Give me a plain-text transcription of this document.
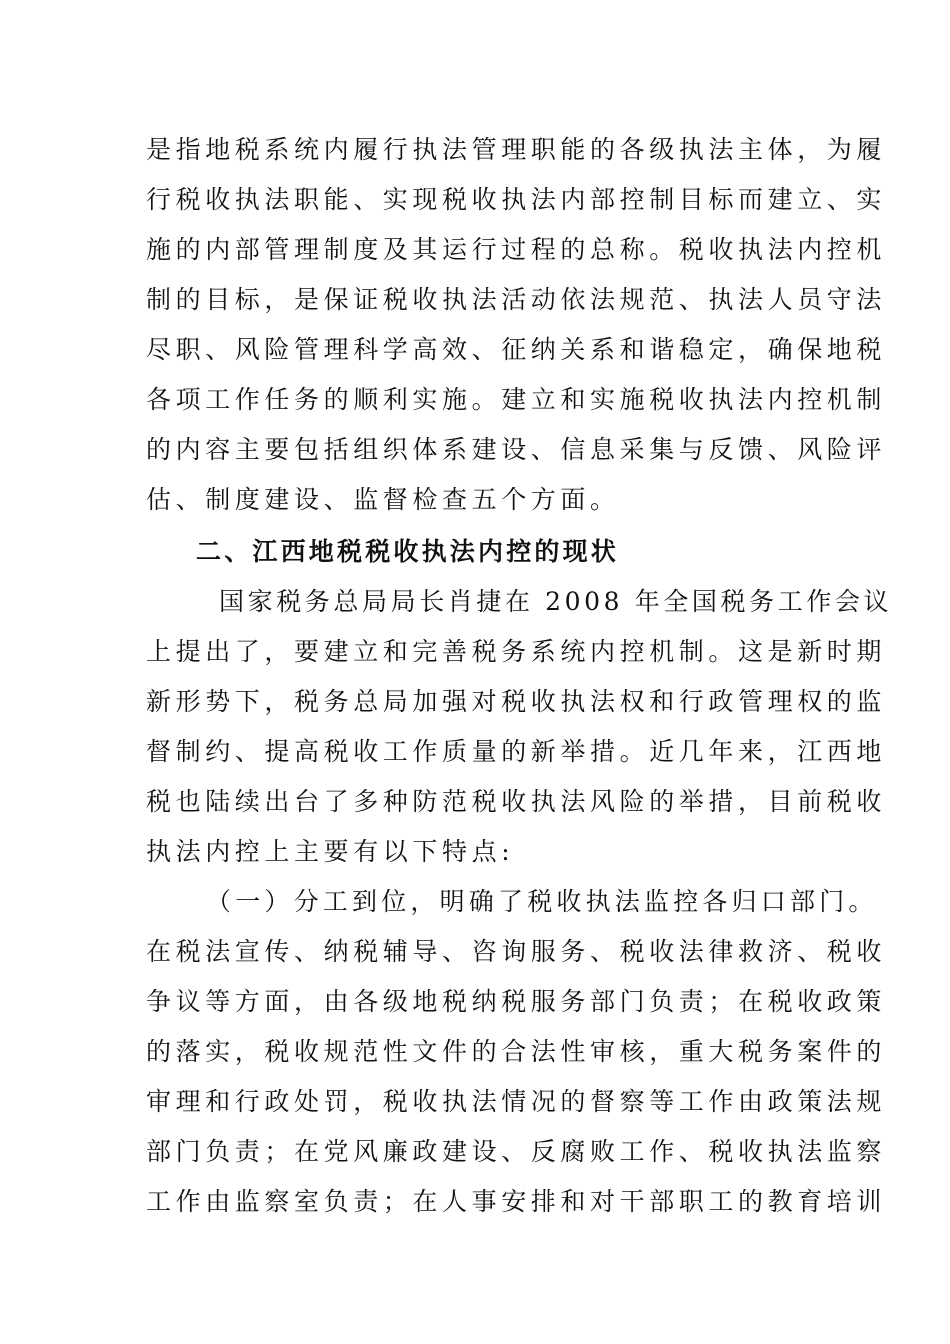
是指地税系统内履行执法管理职能的各级执法主体，为履
行税收执法职能、实现税收执法内部控制目标而建立、实
施的内部管理制度及其运行过程的总称。税收执法内控机
制的目标，是保证税收执法活动依法规范、执法人员守法
尽职、风险管理科学高效、征纳关系和谐稳定，确保地税
各项工作任务的顺利实施。建立和实施税收执法内控机制
的内容主要包括组织体系建设、信息采集与反馈、风险评
估、制度建设、监督检查五个方面。
二、江西地税税收执法内控的现状
国家税务总局局长肖捷在 2008 年全国税务工作会议
上提出了，要建立和完善税务系统内控机制。这是新时期
新形势下，税务总局加强对税收执法权和行政管理权的监
督制约、提高税收工作质量的新举措。近几年来，江西地
税也陆续出台了多种防范税收执法风险的举措，目前税收
执法内控上主要有以下特点:
（一）分工到位，明确了税收执法监控各归口部门。
在税法宣传、纳税辅导、咨询服务、税收法律救济、税收
争议等方面，由各级地税纳税服务部门负责；在税收政策
的落实，税收规范性文件的合法性审核，重大税务案件的
审理和行政处罚，税收执法情况的督察等工作由政策法规
部门负责；在党风廉政建设、反腐败工作、税收执法监察
工作由监察室负责；在人事安排和对干部职工的教育培训
